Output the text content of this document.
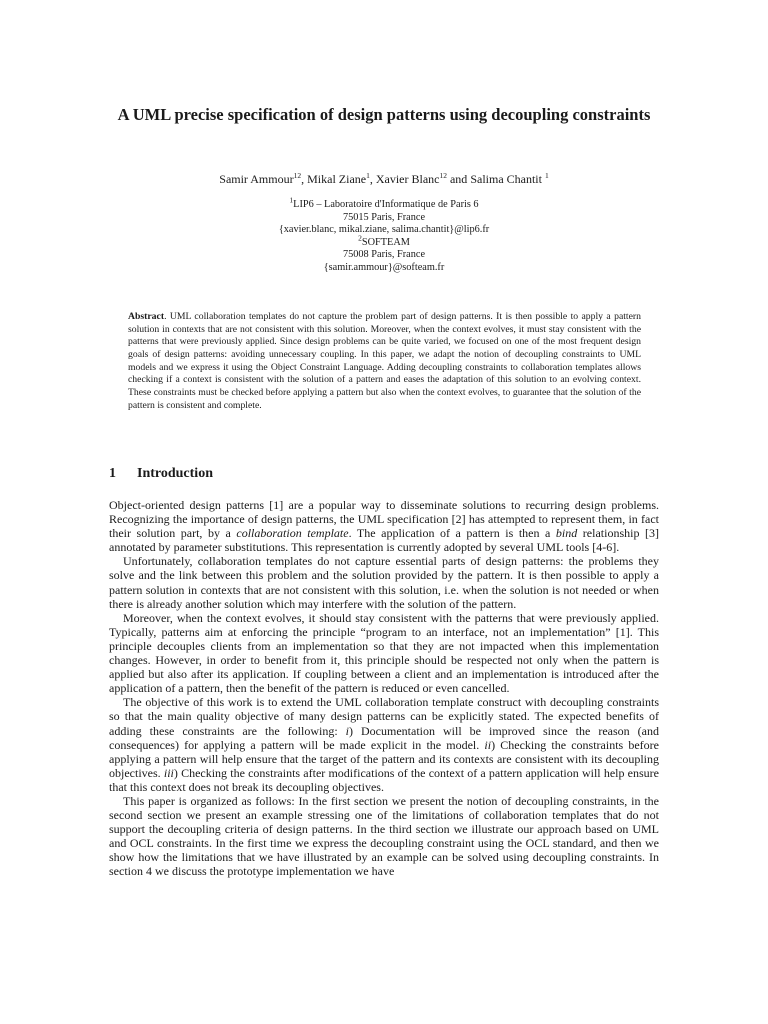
A UML precise specification of design patterns using decoupling constraints
Samir Ammour$^{12}$, Mikal Ziane$^1$, Xavier Blanc$^{12}$ and Salima Chantit $^1$
$^1$LIP6 – Laboratoire d'Informatique de Paris 6
75015 Paris, France
{xavier.blanc, mikal.ziane, salima.chantit}@lip6.fr
$^2$SOFTEAM
75008 Paris, France
{samir.ammour}@softeam.fr
Abstract. UML collaboration templates do not capture the problem part of design patterns. It is then possible to apply a pattern solution in contexts that are not consistent with this solution. Moreover, when the context evolves, it must stay consistent with the patterns that were previously applied. Since design problems can be quite varied, we focused on one of the most frequent design goals of design patterns: avoiding unnecessary coupling. In this paper, we adapt the notion of decoupling constraints to UML models and we express it using the Object Constraint Language. Adding decoupling constraints to collaboration templates allows checking if a context is consistent with the solution of a pattern and eases the adaptation of this solution to an evolving context. These constraints must be checked before applying a pattern but also when the context evolves, to guarantee that the solution of the pattern is consistent and complete.
1 Introduction

Object-oriented design patterns [1] are a popular way to disseminate solutions to recurring design problems. Recognizing the importance of design patterns, the UML specification [2] has attempted to represent them, in fact their solution part, by a collaboration template. The application of a pattern is then a bind relationship [3] annotated by parameter substitutions. This representation is currently adopted by several UML tools [4-6].

Unfortunately, collaboration templates do not capture essential parts of design patterns: the problems they solve and the link between this problem and the solution provided by the pattern. It is then possible to apply a pattern solution in contexts that are not consistent with this solution, i.e. when the solution is not needed or when there is already another solution which may interfere with the solution of the pattern.

Moreover, when the context evolves, it should stay consistent with the patterns that were previously applied. Typically, patterns aim at enforcing the principle “program to an interface, not an implementation” [1]. This principle decouples clients from an implementation so that they are not impacted when this implementation changes. However, in order to benefit from it, this principle should be respected not only when the pattern is applied but also after its application. If coupling between a client and an implementation is introduced after the application of a pattern, then the benefit of the pattern is reduced or even cancelled.

The objective of this work is to extend the UML collaboration template construct with decoupling constraints so that the main quality objective of many design patterns can be explicitly stated. The expected benefits of adding these constraints are the following: i) Documentation will be improved since the reason (and consequences) for applying a pattern will be made explicit in the model. ii) Checking the constraints before applying a pattern will help ensure that the target of the pattern and its contexts are consistent with its decoupling objectives. iii) Checking the constraints after modifications of the context of a pattern application will help ensure that this context does not break its decoupling objectives.

This paper is organized as follows: In the first section we present the notion of decoupling constraints, in the second section we present an example stressing one of the limitations of collaboration templates that do not support the decoupling criteria of design patterns. In the third section we illustrate our approach based on UML and OCL constraints. In the first time we express the decoupling constraint using the OCL standard, and then we show how the limitations that we have illustrated by an example can be solved using decoupling constraints. In section 4 we discuss the prototype implementation we have
